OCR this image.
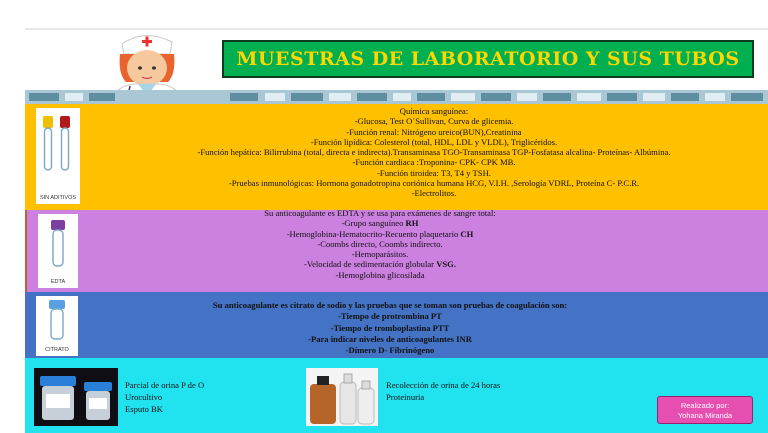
MUESTRAS DE LABORATORIO Y SUS TUBOS
SIN ADITIVOS
Química sanguínea:
-Glucosa, Test O´Sullivan, Curva de glicemia.
-Función renal: Nitrógeno ureico(BUN),Creatinina
-Función lipídica: Colesterol (total, HDL, LDL y VLDL), Triglicéridos.
-Función hepática: Bilirrubina (total, directa e indirecta).Transaminasa TGO-Transaminasa TGP-Fosfatasa alcalina- Proteínas- Albúmina.
-Función cardiaca :Troponina- CPK- CPK MB.
-Función tiroidea: T3, T4 y TSH.
-Pruebas inmunológicas: Hormona gonadotropina coriónica humana HCG, V.I.H. ,Serología VDRL, Proteína C- P.C.R.
-Electrolitos.
EDTA
Su anticoagulante es EDTA y se usa para exámenes de sangre total:
-Grupo sanguíneo RH
-Hemoglobina-Hematocrito-Recuento plaquetario CH
-Coombs directo, Coombs indirecto.
-Hemoparásitos.
-Velocidad de sedimentación globular VSG.
-Hemoglobina glicosilada
CITRATO
Su anticoagulante es citrato de sodio y las pruebas que se toman son pruebas de coagulación son:
-Tiempo de protrombina PT
-Tiempo de tromboplastina PTT
-Para indicar niveles de anticoagulantes INR
-Dímero D- Fibrinógeno
Parcial de orina P de O
Urocultivo
Esputo BK
Recolección de orina de 24 horas
Proteinuria
Realizado por:
Yohana Miranda
